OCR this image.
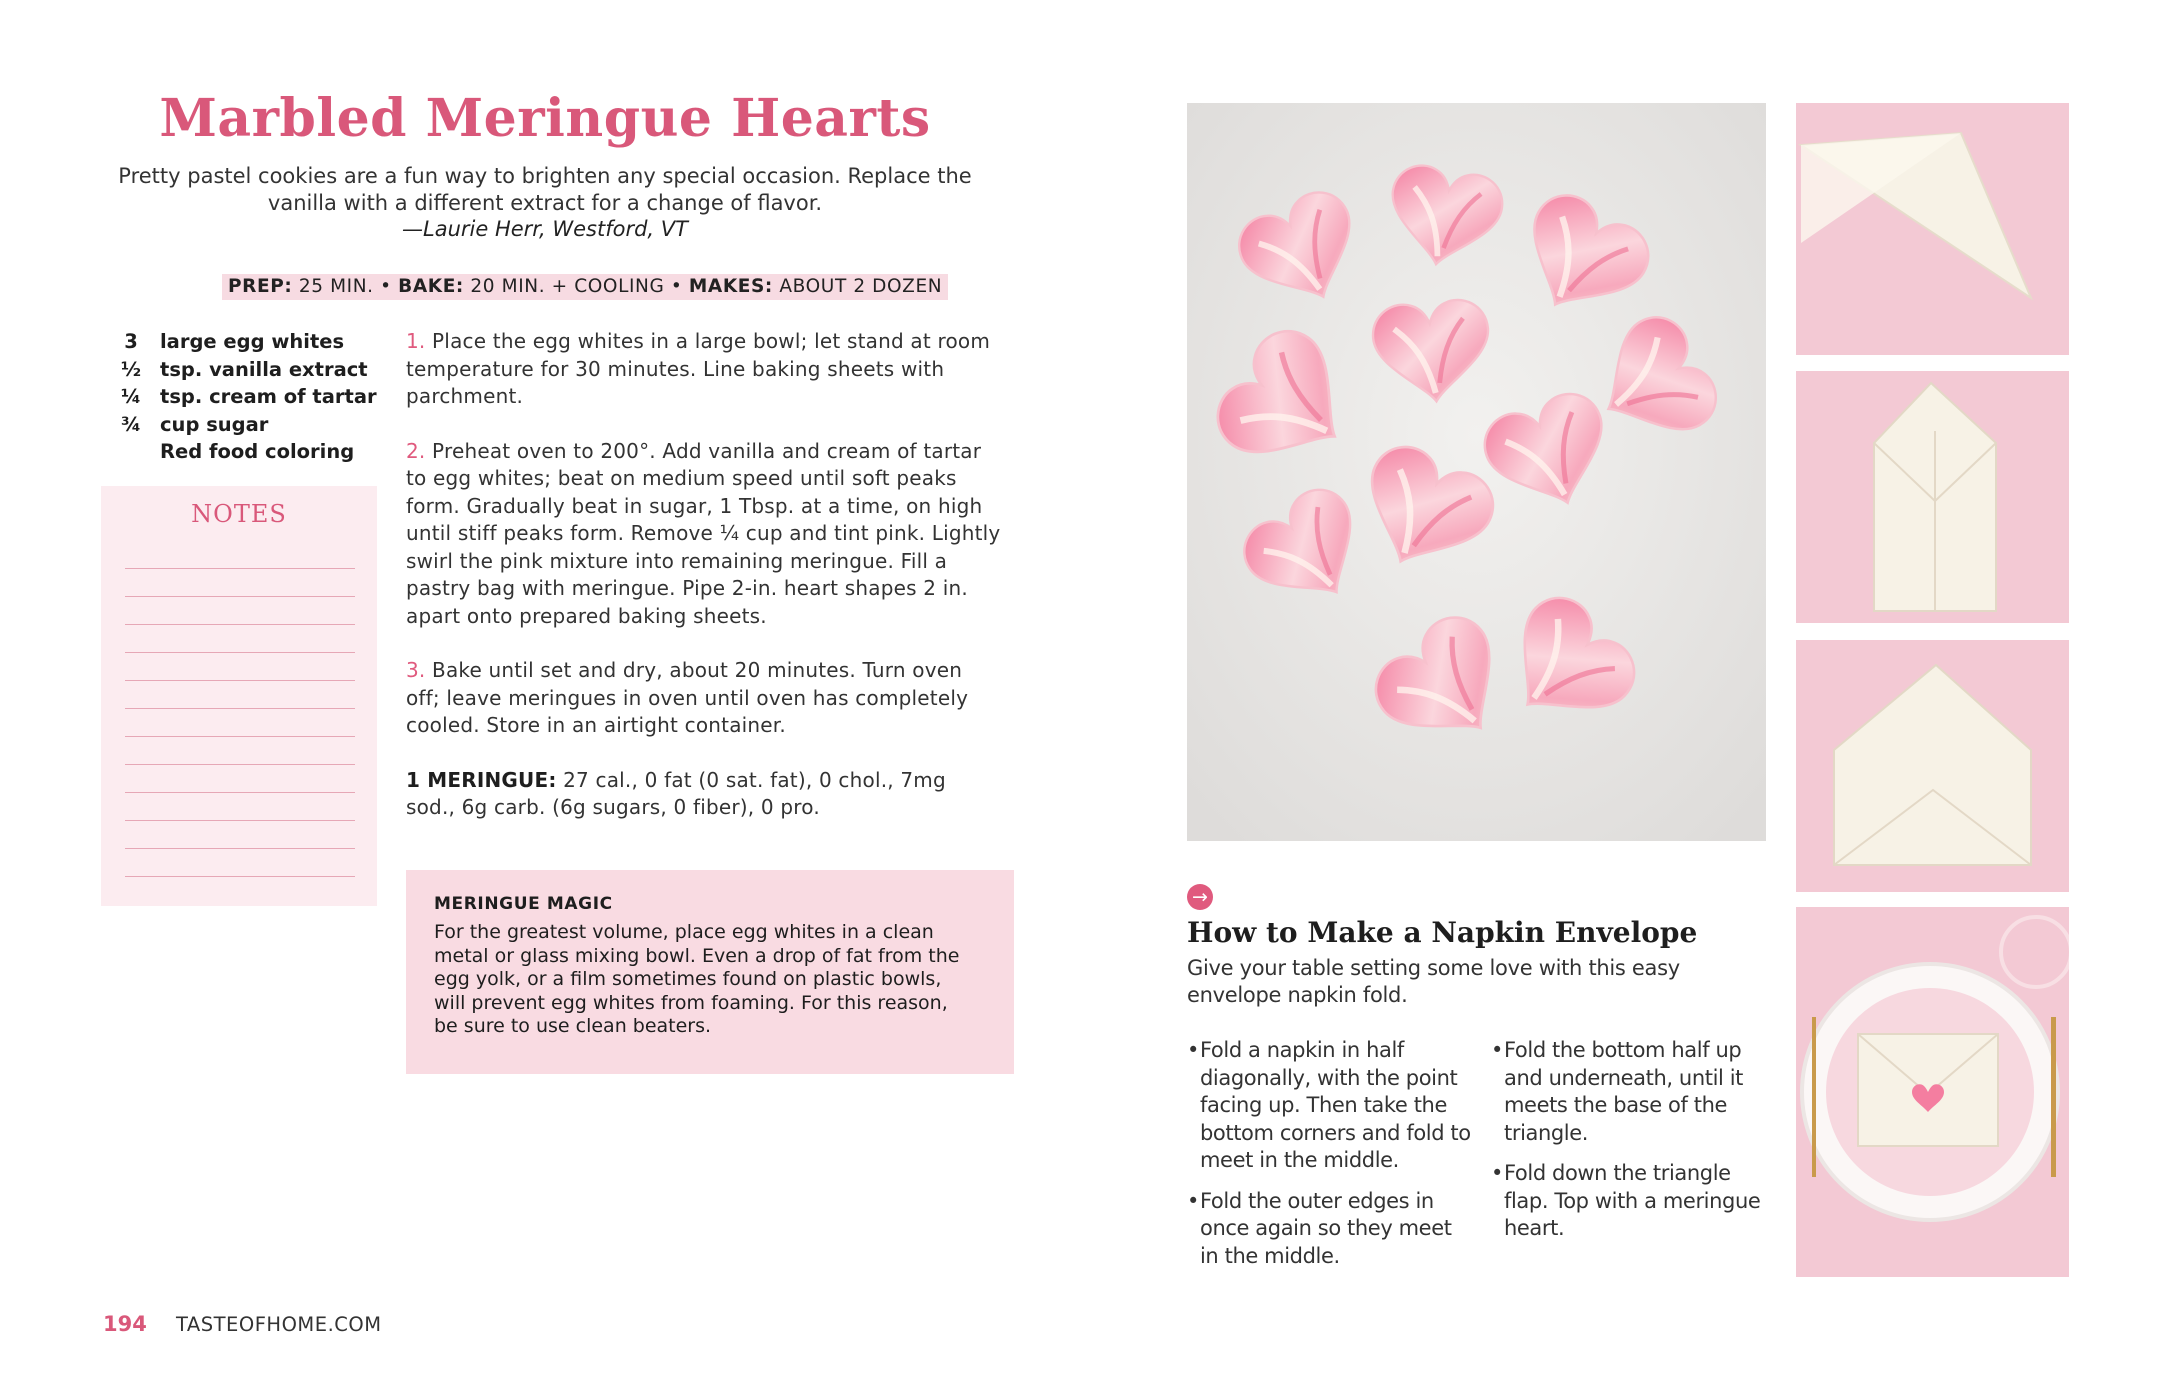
Marbled Meringue Hearts
Pretty pastel cookies are a fun way to brighten any special occasion. Replace the vanilla with a different extract for a change of flavor.
—Laurie Herr, Westford, VT
PREP: 25 MIN. • BAKE: 20 MIN. + COOLING • MAKES: ABOUT 2 DOZEN
3	large egg whites
½ tsp. vanilla extract
¼ tsp. cream of tartar
¾ cup sugar
Red food coloring
NOTES
1. Place the egg whites in a large bowl; let stand at room temperature for 30 minutes. Line baking sheets with parchment.
2. Preheat oven to 200°. Add vanilla and cream of tartar to egg whites; beat on medium speed until soft peaks form. Gradually beat in sugar, 1 Tbsp. at a time, on high until stiff peaks form. Remove ¼ cup and tint pink. Lightly swirl the pink mixture into remaining meringue. Fill a pastry bag with meringue. Pipe 2-in. heart shapes 2 in. apart onto prepared baking sheets.
3. Bake until set and dry, about 20 minutes. Turn oven off; leave meringues in oven until oven has completely cooled. Store in an airtight container.
1 MERINGUE: 27 cal., 0 fat (0 sat. fat), 0 chol., 7mg sod., 6g carb. (6g sugars, 0 fiber), 0 pro.
MERINGUE MAGIC
For the greatest volume, place egg whites in a clean metal or glass mixing bowl. Even a drop of fat from the egg yolk, or a film sometimes found on plastic bowls, will prevent egg whites from foaming. For this reason, be sure to use clean beaters.
194 TASTEOFHOME.COM
→
How to Make a Napkin Envelope
Give your table setting some love with this easy envelope napkin fold.
• Fold a napkin in half diagonally, with the point facing up. Then take the bottom corners and fold to meet in the middle.
• Fold the outer edges in once again so they meet in the middle.
• Fold the bottom half up and underneath, until it meets the base of the triangle.
• Fold down the triangle flap. Top with a meringue heart.
